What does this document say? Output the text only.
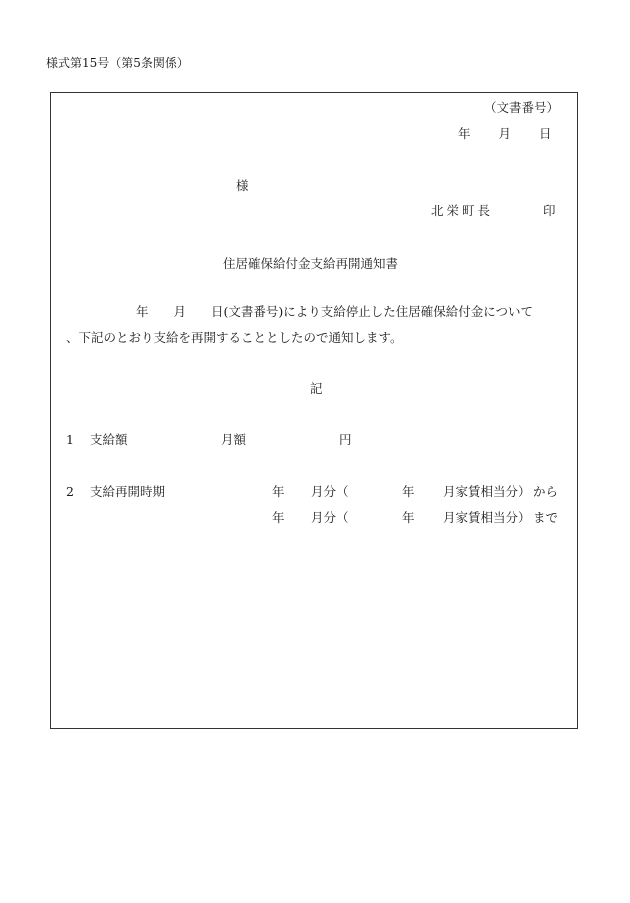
様式第15号（第5条関係）
（文書番号）
年 月 日
様
北栄町長	印
住居確保給付金支給再開通知書
年　　月　　日(文書番号)により支給停止した住居確保給付金について
、下記のとおり支給を再開することとしたので通知します。
記
1 支給額	月額	円
2 支給再開時期	年 月分（	年 月家賃相当分） から
年 月分（	年 月家賃相当分） まで
